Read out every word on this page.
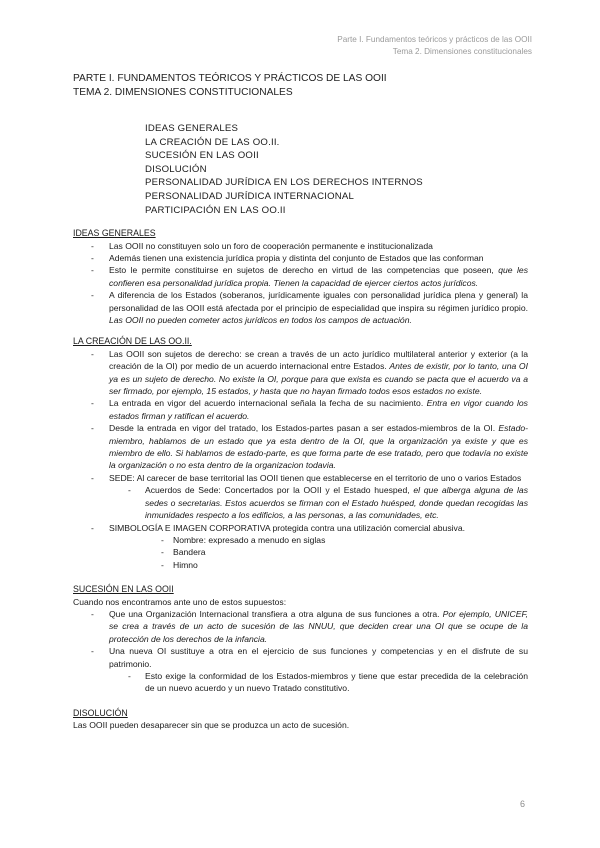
Parte I. Fundamentos teóricos y prácticos de las OOII
Tema 2. Dimensiones constitucionales
PARTE I. FUNDAMENTOS TEÓRICOS Y PRÁCTICOS DE LAS OOII
TEMA 2. DIMENSIONES CONSTITUCIONALES
IDEAS GENERALES
LA CREACIÓN DE LAS OO.II.
SUCESIÓN EN LAS OOII
DISOLUCIÓN
PERSONALIDAD JURÍDICA EN LOS DERECHOS INTERNOS
PERSONALIDAD JURÍDICA INTERNACIONAL
PARTICIPACIÓN EN LAS OO.II
IDEAS GENERALES
- Las OOII no constituyen solo un foro de cooperación permanente e institucionalizada
- Además tienen una existencia jurídica propia y distinta del conjunto de Estados que las conforman
- Esto le permite constituirse en sujetos de derecho en virtud de las competencias que poseen, que les confieren esa personalidad jurídica propia. Tienen la capacidad de ejercer ciertos actos jurídicos.
- A diferencia de los Estados (soberanos, jurídicamente iguales con personalidad jurídica plena y general) la personalidad de las OOII está afectada por el principio de especialidad que inspira su régimen jurídico propio. Las OOII no pueden cometer actos jurídicos en todos los campos de actuación.
LA CREACIÓN DE LAS OO.II.
- Las OOII son sujetos de derecho: se crean a través de un acto jurídico multilateral anterior y exterior (a la creación de la OI) por medio de un acuerdo internacional entre Estados. Antes de existir, por lo tanto, una OI ya es un sujeto de derecho. No existe la OI, porque para que exista es cuando se pacta que el acuerdo va a ser firmado, por ejemplo, 15 estados, y hasta que no hayan firmado todos esos estados no existe.
- La entrada en vigor del acuerdo internacional señala la fecha de su nacimiento. Entra en vigor cuando los estados firman y ratifican el acuerdo.
- Desde la entrada en vigor del tratado, los Estados-partes pasan a ser estados-miembros de la OI. Estado-miembro, hablamos de un estado que ya esta dentro de la OI, que la organización ya existe y que es miembro de ello. Si hablamos de estado-parte, es que forma parte de ese tratado, pero que todavía no existe la organización o no esta dentro de la organizacion todavia.
- SEDE: Al carecer de base territorial las OOII tienen que establecerse en el territorio de uno o varios Estados
- Acuerdos de Sede: Concertados por la OOII y el Estado huesped, el que alberga alguna de las sedes o secretarias. Estos acuerdos se firman con el Estado huésped, donde quedan recogidas las inmunidades respecto a los edificios, a las personas, a las comunidades, etc.
- SIMBOLOGÍA E IMAGEN CORPORATIVA protegida contra una utilización comercial abusiva.
- Nombre: expresado a menudo en siglas
- Bandera
- Himno
SUCESIÓN EN LAS OOII
Cuando nos encontramos ante uno de estos supuestos:
- Que una Organización Internacional transfiera a otra alguna de sus funciones a otra. Por ejemplo, UNICEF, se crea a través de un acto de sucesión de las NNUU, que deciden crear una OI que se ocupe de la protección de los derechos de la infancia.
- Una nueva OI sustituye a otra en el ejercicio de sus funciones y competencias y en el disfrute de su patrimonio.
- Esto exige la conformidad de los Estados-miembros y tiene que estar precedida de la celebración de un nuevo acuerdo y un nuevo Tratado constitutivo.
DISOLUCIÓN
Las OOII pueden desaparecer sin que se produzca un acto de sucesión.
6
